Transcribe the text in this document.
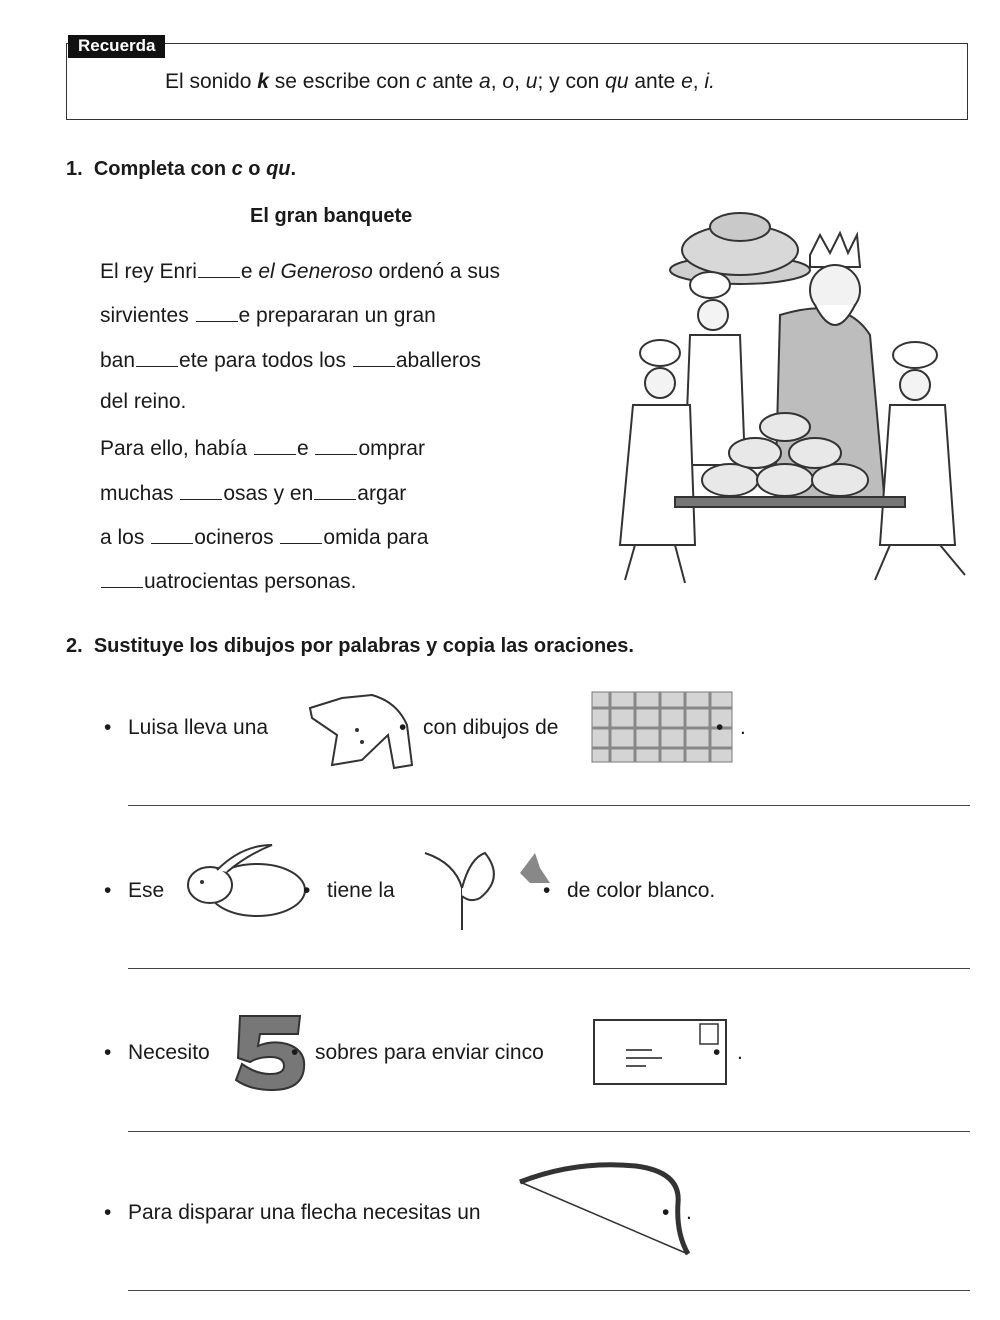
Recuerda
El sonido k se escribe con c ante a, o, u; y con qu ante e, i.
1. Completa con c o qu.
El gran banquete
El rey Enri e el Generoso ordenó a sus
sirvientes e prepararan un gran
ban ete para todos los aballeros
del reino.
Para ello, había e omprar
muchas osas y en argar
a los ocineros omida para
uatrocientas personas.
2. Sustituye los dibujos por palabras y copia las oraciones.
• Luisa lleva una	• con dibujos de	• .
• Ese	• tiene la	• de color blanco.
• Necesito	• sobres para enviar cinco	• .
• Para disparar una flecha necesitas un	• .
